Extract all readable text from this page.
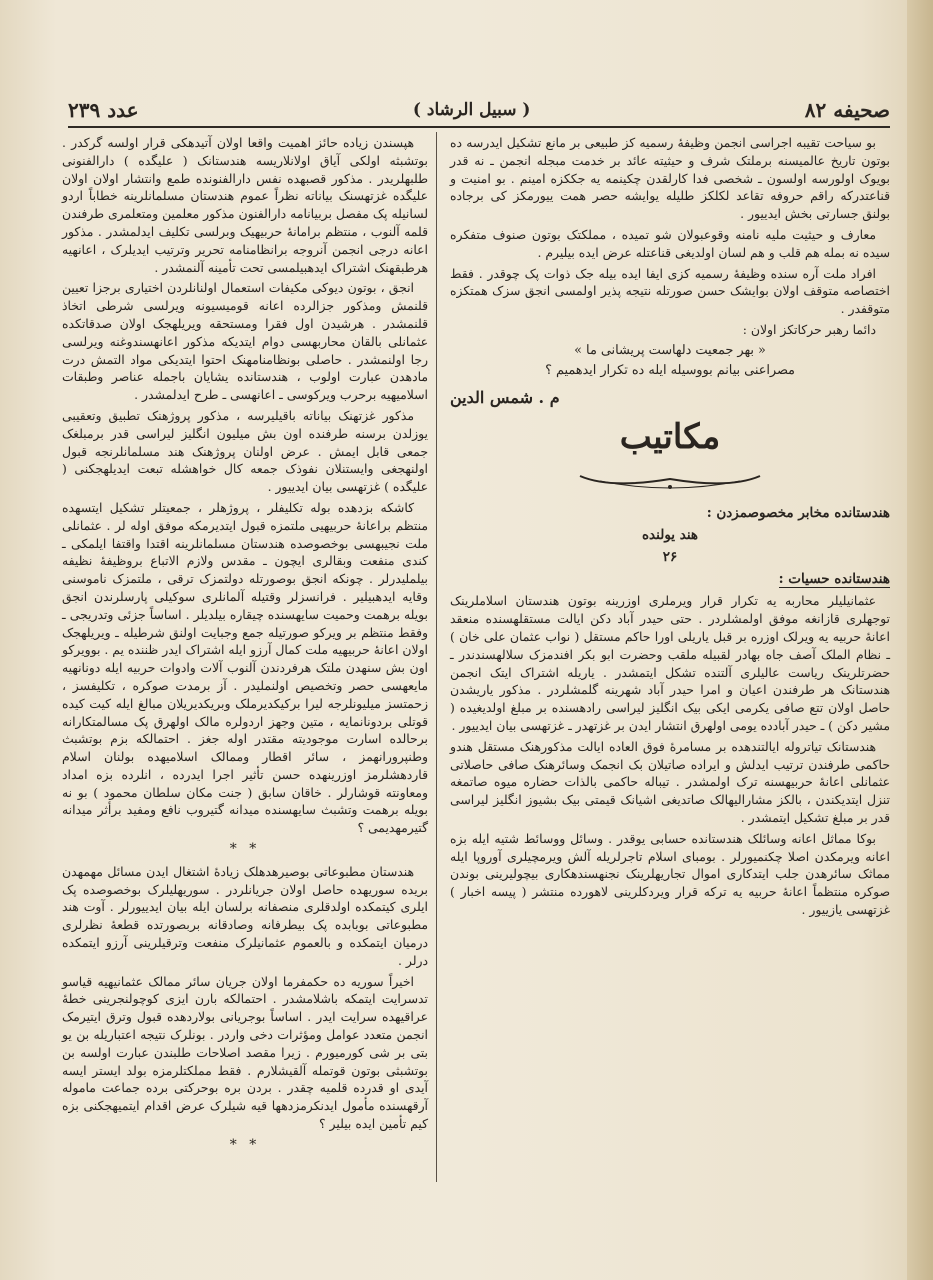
صحیفه ۸۲
( سبیل الرشاد )
عدد ۲۳۹

بو سیاحت تقیبه اجراسی انجمن وظیفهٔ رسمیه کز طبیعی بر مانع تشکیل ایدرسه ده بوتون تاریخ عالمیسنه برملتک شرف و حیثیته عائد بر خدمت مبجله انجمن ـ نه قدر بویوک اولورسه اولسون ـ شخصی فدا کارلقدن چکینمه یه جککزه امینم . بو امنیت و قناعتدرکه راقم حروفه تقاعد لکلکز طلیله یوایشه حصر همت ییورمکز کی برجاده بولنق جسارتی بخش ایدییور .

معارف و حیثیت ملیه نامنه وقوعبولان شو تمیده ، مملکتک بوتون صنوف متفکره سیده نه بمله هم قلب و هم لسان اولدیغی قناعتله عرض ایده بیلیرم .

افراد ملت آره سنده وظیفهٔ رسمیه کزی ایفا ایده بیله جک ذوات پک چوقدر . فقط اختصاصه متوقف اولان بوایشک حسن صورتله نتیجه پذیر اولمسی انجق سزک همتکزه متوقفدر .

دائما رهبر حرکاتکز اولان :

« بهر جمعیت دلهاست پریشانی ما »
مصراعنی بیانم بووسیله ایله ده تکرار ایدهمیم ؟
م . شمس الدین
مکاتیب
هندستانده مخابر مخصوصمزدن :
هند یولنده
۲۶
هندستانده حسیات :

عثمانیلیلر محاربه یه تکرار قرار ویرملری اوزرینه بوتون هندستان اسلاملرینک توجهلری قازانغه موفق اولمشلردر . حتی حیدر آباد دکن ایالت مستقلهسنده منعقد اعانهٔ حربیه یه ویرلک اوزره بر قبل یاریلی اورا حاکم مستقل ( نواب عثمان علی خان ) ـ نظام الملک آصف جاه بهادر لقبیله ملقب وحضرت ابو بکر افندمزک سلالهسندندر ـ حضرتلرینک ریاست عالیلری آلتنده تشکل ایتمشدر . یاریله اشتراک ایتک انجمن هندستانک هر طرفندن اعیان و امرا حیدر آباد شهرینه گلمشلردر . مذکور یاریشدن حاصل اولان تتع صافی یکرمی ایکی بیک انگلیز لیراسی رادهسنده بر مبلغ اولدیغیده ( مشیر دکن ) ـ حیدر آبادده یومی اولهرق انتشار ایدن بر غزتهدر ـ غزتهسی بیان ایدییور .

هندستانک تیاتروله ایالتندهده بر مسامرهٔ فوق العاده ایالت مذکورهنک مستقل هندو حاکمی طرفندن ترتیب ایدلش و ایراده صاتیلان بک انجمک وسائرهنک صافی حاصلاتی عثمانلی اعانهٔ حربیهسنه ترک اولمشدر . تیباله حاکمی بالذات حضاره میوه صاتمغه تنزل ایتدیکندن ، بالکز مشارالیهالک صاتدیغی اشیانک قیمتی بیک بشیوز انگلیز لیراسی قدر بر مبلغ تشکیل ایتمشدر .

بوکا مماثل اعانه وسائلک هندستانده حسابی یوقدر . وسائل ووسائط شتیه ایله بزه اعانه ویرمکدن اصلا چکنمیورلر . بومبای اسلام تاجرلریله آلش ویرمچیلری آوروپا ایله مماثک سائرهدن جلب ایتدکاری اموال تجاریهلرینک نجنهسندهکاری بیچولیرینی بوندن صوکره منتظماً اعانهٔ حربیه یه ترکه قرار ویردکلرینی لاهورده منتشر ( پیسه اخبار ) غزتهسی یازییور .

هپسندن زیاده حائز اهمیت واقعا اولان آتیدهکی قرار اولسه گرکدر . بوتشبثه اولکی آیاق اولانلاریسه هندستانک ( علیگده ) دارالفنونی طلبهلریدر . مذکور قصبهده نفس دارالفنونده طمع وانتشار اولان اولان علیگده غزتهسنک بیاناته نظراً عموم هندستان مسلمانلرینه خطاباً اردو لسانیله پک مفصل بربیانامه دارالفنون مذکور معلمین ومتعلمری طرفندن قلمه آلنوب ، منتظم برامانهٔ حربیهیک وبرلسی تکلیف ایدلمشدر . مذکور اعانه درجی انجمن آنروجه برانظامنامه تحریر وترتیب ایدیلرک ، اعانهیه هرطبقهنک اشتراک ایدهبیلمسی تحت تأمینه آلنمشدر .

انجق ، بوتون دیوکی مکیفات استعمال اولنانلردن اختیاری برجزا تعیین قلنمش ومذکور جزالرده اعانه قومیسیونه ویرلسی شرطی اتخاذ قلنمشدر . هرشیدن اول فقرا ومستحقه ویریلهجک اولان صدقاتکده عثمانلی بالقان محاربهسی دوام ایتدیکه مذکور اعانهسندوغنه ویرلسی رجا اولنمشدر . حاصلی بونظامنامهنک احتوا ایتدیکی مواد التمش درت مادهدن عبارت اولوب ، هندستانده یشایان باجمله عناصر وطبقات اسلامیهیه برحرب ویرکوسی ـ اعانهسی ـ طرح ایدلمشدر .

مذکور غزتهنک بیاناته باقیلیرسه ، مذکور پروژهنک تطبیق وتعقیبی یوزلدن برسنه طرفنده اون بش میلیون انگلیز لیراسی قدر برمبلغک جمعی قابل ایمش . عرض اولنان پروژهنک هند مسلمانلرنجه قبول اولنهجغی وایستنلان نفوذک جمعه کال خواهشله تبعت ایدیلهجکنی ( علیگده ) غزتهسی بیان ایدییور .

کاشکه بزدهده بوله تکلیفلر ، پروژهلر ، جمعیتلر تشکیل ایتسهده منتظم براعانهٔ حربیهیی ملتمزه قبول ایتدیرمکه موفق اوله لر . عثمانلی ملت نجیبهسی بوخصوصده هندستان مسلمانلرینه اقتدا واقتفا ایلمکی ـ کندی منفعت وبقالری ایچون ـ مقدس ولازم الاتباع بروظیفهٔ نظیفه بیلملیدرلر . چونکه انجق بوصورتله دولتمزک ترقی ، ملتمزک ناموسنی وقایه ایدهبیلیر . فرانسزلر وقتیله آلمانلری سوکیلی پارسلرندن انجق بویله برهمت وحمیت سایهسنده چیقاره بیلدیلر . اساساً جزئی وتدریجی ـ وفقط منتظم بر ویرکو صورتیله جمع وجبایت اولنق شرطیله ـ ویریلهجک اولان اعانهٔ حربیهیه ملت کمال آرزو ایله اشتراک ایدر ظننده یم . بوویرکو اون بش سنهدن ملتک هرفردندن آلنوب آلات وادوات حربیه ایله دونانهیه مایعهسی حصر وتخصیص اولنملیدر . آز برمدت صوکره ، تکلیفسز ، زحمتسز میلیونلرجه لیرا برکیکدیرملک وبریکدیریلان مبالغ ایله کیت کیده قوتلی بردونانمایه ، متین وجهز اردولره مالک اولهرق پک مسالمتکارانه برحالده اسارت موجودیته مقتدر اوله جغز . احتمالکه بزم بوتشبث وطنپرورانهمز ، سائر اقطار وممالک اسلامیهده بولنان اسلام قاردهشلرمز اوزرینهده حسن تأثیر اجرا ایدرده ، انلرده بزه امداد ومعاونته قوشارلر . خاقان سابق ( جنت مکان سلطان محمود ) بو نه بویله برهمت وتشبث سایهسنده میدانه گتیروب نافع ومفید برأثر میدانه گتیرمهدیمی ؟

* *

هندستان مطبوعاتی بوصیرهدهلک زیادهٔ اشتغال ایدن مسائل مهمهدن بریده سوریهده حاصل اولان جریانلردر . سوریهلیلرک بوخصوصده پک ایلری کیتمکده اولدقلری منصفانه برلسان ایله بیان ایدییورلر . آوت هند مطبوعاتی بوبابده پک بیطرفانه وصادقانه بربصورتده قطعهٔ نظرلری درمیان ایتمکده و بالعموم عثمانیلرک منفعت وترقیلرینی آرزو ایتمکده درلر .

اخیراً سوریه ده حکمفرما اولان جریان سائر ممالک عثمانیهیه قیاسو تدسرایت ایتمکه باشلامشدر . احتمالکه بارن ایزی کوچولنجرینی خطهٔ عراقیهده سرایت ایدر . اساساً بوجریانی بولاردهده قبول وترق ایتیرمک انجمن متعدد عوامل ومؤثرات دخی واردر . بونلرک نتیجه اعتباریله بن یو بتی بر شی کورمیورم . زیرا مقصد اصلاحات طلبندن عبارت اولسه بن بوتشبثی بوتون قوتمله آلقیشلارم . فقط مملکتلرمزه بولد ایستر ایسه آیدی او قدرده قلمیه چقدر . بردن بره بوحرکتی برده جماعت ماموله آرقهسنده مأمول ایدنکرمزدهها قیه شیلرک عرض اقدام ایتمیهجکنی بزه کیم تأمین ایده بیلیر ؟

* *
